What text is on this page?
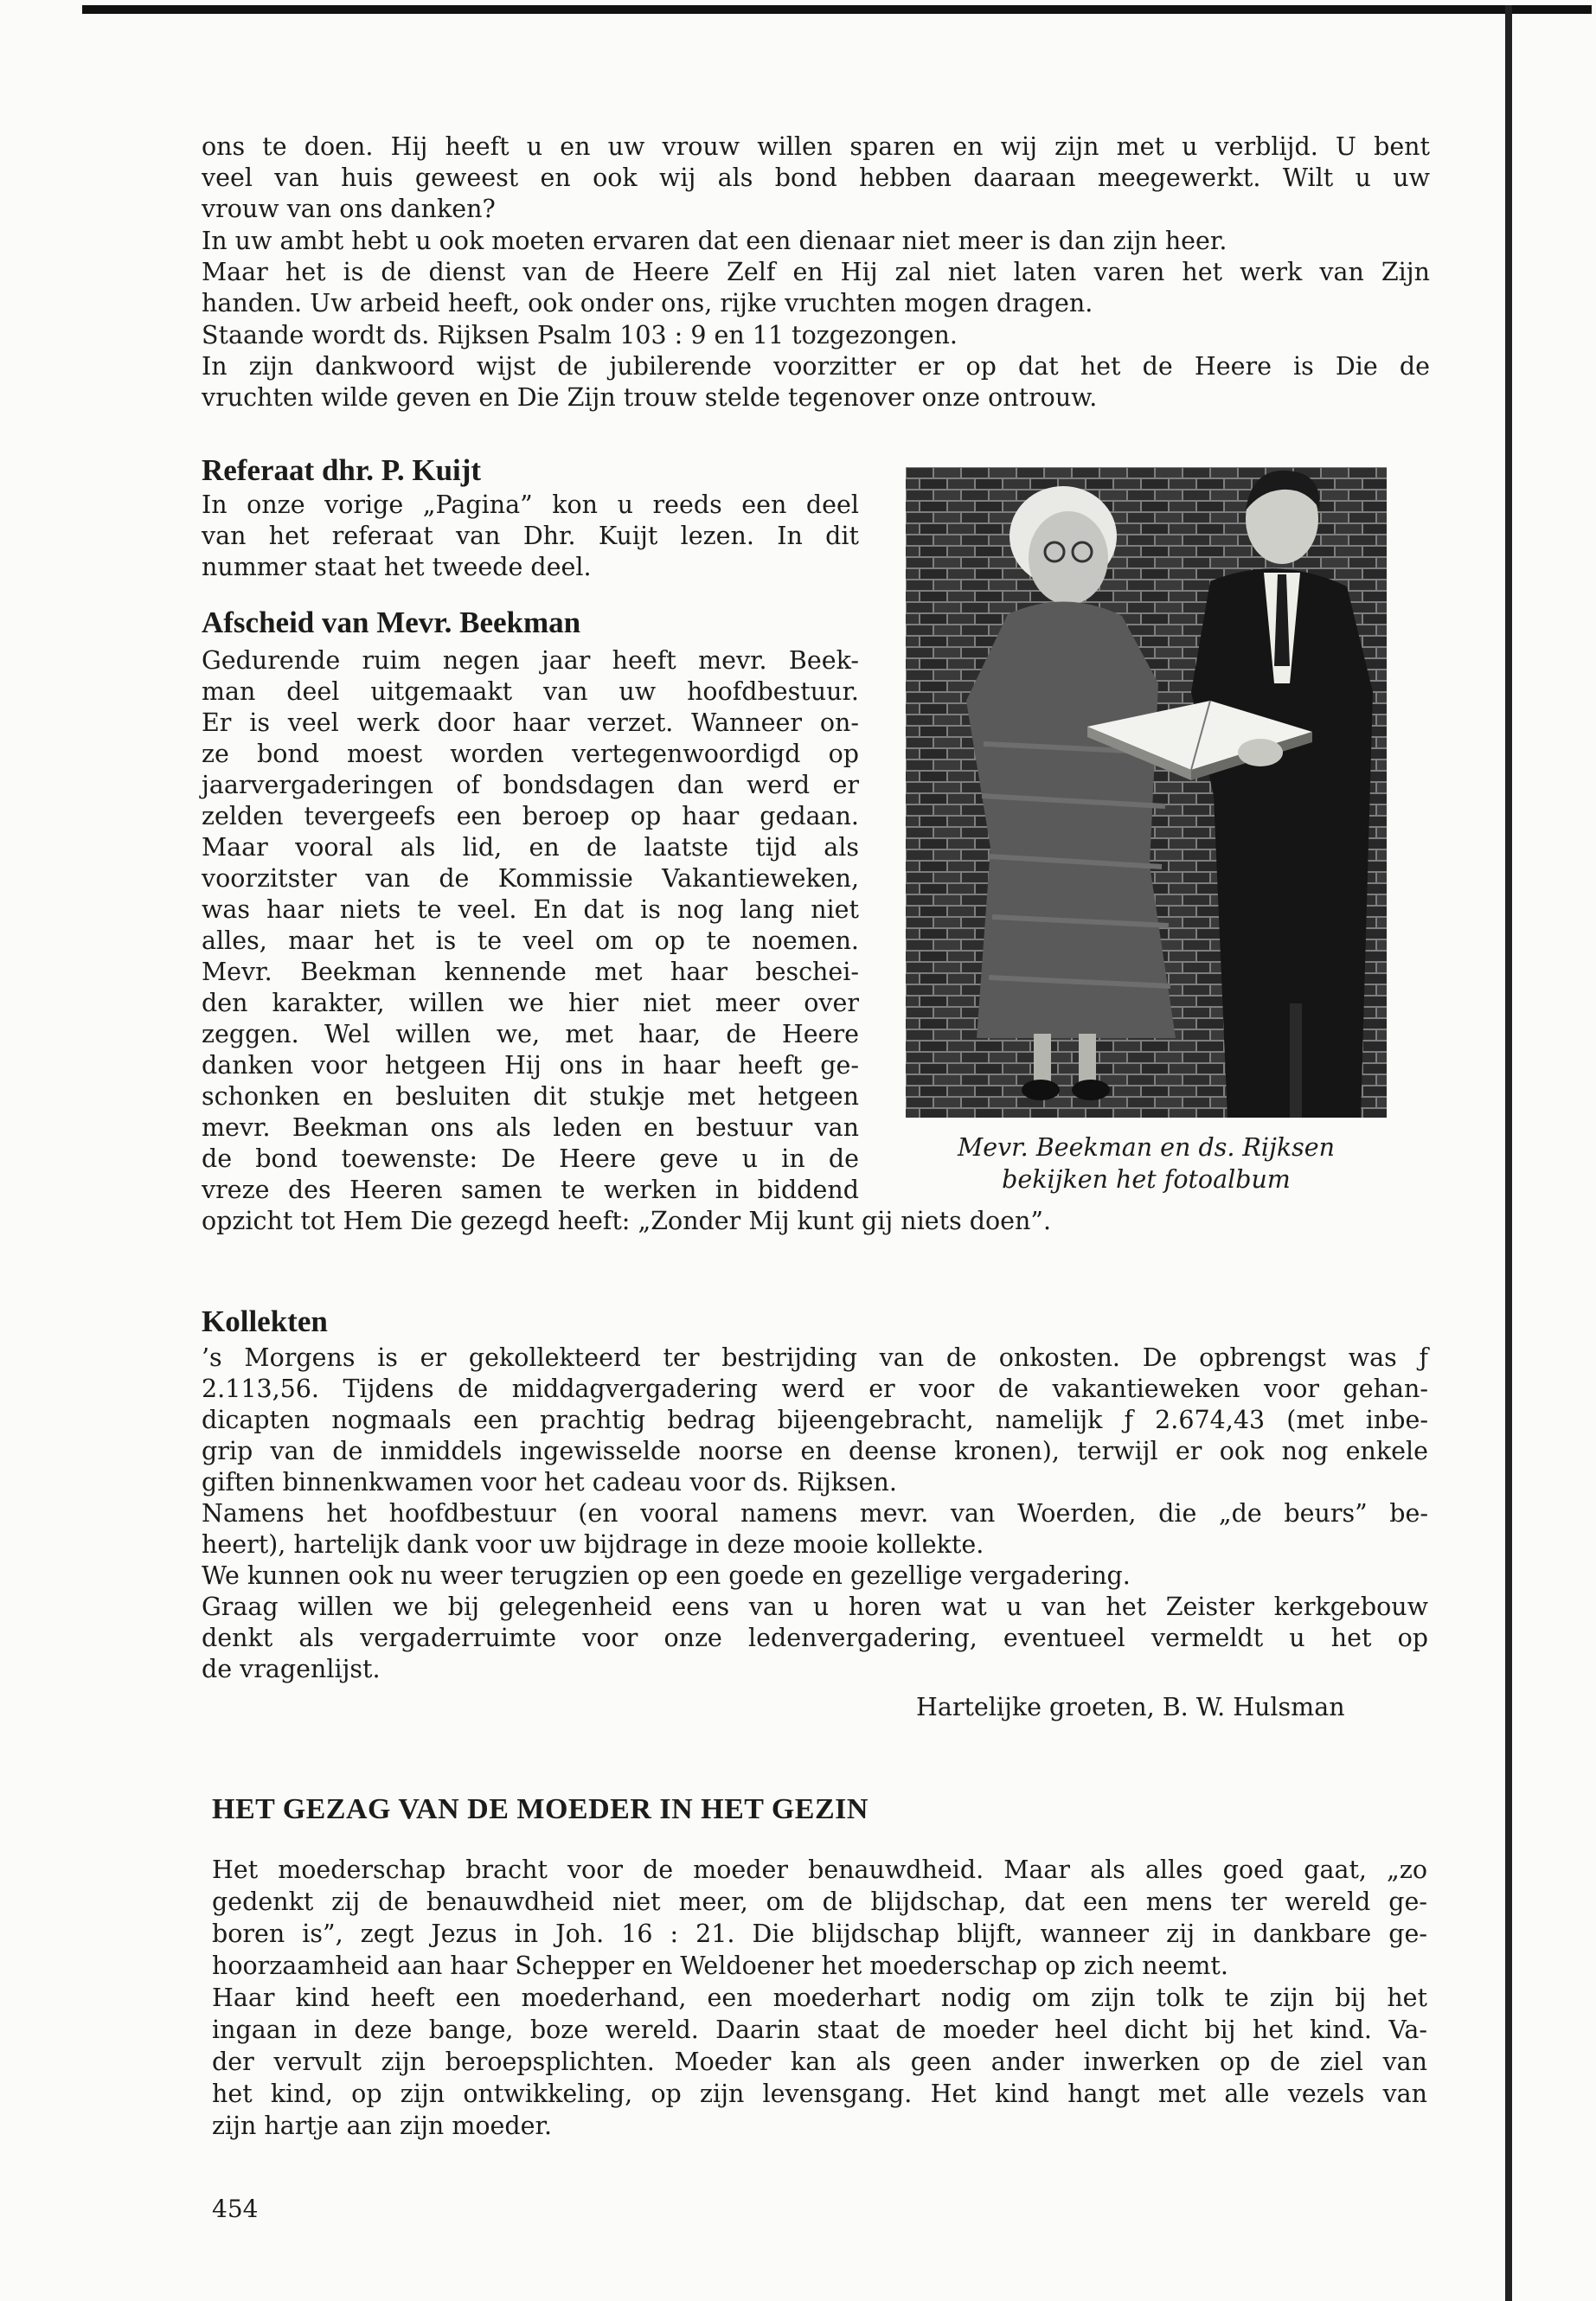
ons te doen. Hij heeft u en uw vrouw willen sparen en wij zijn met u verblijd. U bent

veel van huis geweest en ook wij als bond hebben daaraan meegewerkt. Wilt u uw

vrouw van ons danken?

In uw ambt hebt u ook moeten ervaren dat een dienaar niet meer is dan zijn heer.

Maar het is de dienst van de Heere Zelf en Hij zal niet laten varen het werk van Zijn

handen. Uw arbeid heeft, ook onder ons, rijke vruchten mogen dragen.

Staande wordt ds. Rijksen Psalm 103 : 9 en 11 tozgezongen.

In zijn dankwoord wijst de jubilerende voorzitter er op dat het de Heere is Die de

vruchten wilde geven en Die Zijn trouw stelde tegenover onze ontrouw.

Referaat dhr. P. Kuijt

In onze vorige „Pagina” kon u reeds een deel

van het referaat van Dhr. Kuijt lezen. In dit

nummer staat het tweede deel.

Afscheid van Mevr. Beekman

Gedurende ruim negen jaar heeft mevr. Beek-

man deel uitgemaakt van uw hoofdbestuur.

Er is veel werk door haar verzet. Wanneer on-

ze bond moest worden vertegenwoordigd op

jaarvergaderingen of bondsdagen dan werd er

zelden tevergeefs een beroep op haar gedaan.

Maar vooral als lid, en de laatste tijd als

voorzitster van de Kommissie Vakantieweken,

was haar niets te veel. En dat is nog lang niet

alles, maar het is te veel om op te noemen.

Mevr. Beekman kennende met haar beschei-

den karakter, willen we hier niet meer over

zeggen. Wel willen we, met haar, de Heere

danken voor hetgeen Hij ons in haar heeft ge-

schonken en besluiten dit stukje met hetgeen

mevr. Beekman ons als leden en bestuur van

de bond toewenste: De Heere geve u in de

vreze des Heeren samen te werken in biddend

opzicht tot Hem Die gezegd heeft: „Zonder Mij kunt gij niets doen”.

Mevr. Beekman en ds. Rijksen

bekijken het fotoalbum

Kollekten

’s Morgens is er gekollekteerd ter bestrijding van de onkosten. De opbrengst was ƒ

2.113,56. Tijdens de middagvergadering werd er voor de vakantieweken voor gehan-

dicapten nogmaals een prachtig bedrag bijeengebracht, namelijk ƒ 2.674,43 (met inbe-

grip van de inmiddels ingewisselde noorse en deense kronen), terwijl er ook nog enkele

giften binnenkwamen voor het cadeau voor ds. Rijksen.

Namens het hoofdbestuur (en vooral namens mevr. van Woerden, die „de beurs” be-

heert), hartelijk dank voor uw bijdrage in deze mooie kollekte.

We kunnen ook nu weer terugzien op een goede en gezellige vergadering.

Graag willen we bij gelegenheid eens van u horen wat u van het Zeister kerkgebouw

denkt als vergaderruimte voor onze ledenvergadering, eventueel vermeldt u het op

de vragenlijst.

Hartelijke groeten, B. W. Hulsman

HET GEZAG VAN DE MOEDER IN HET GEZIN

Het moederschap bracht voor de moeder benauwdheid. Maar als alles goed gaat, „zo

gedenkt zij de benauwdheid niet meer, om de blijdschap, dat een mens ter wereld ge-

boren is”, zegt Jezus in Joh. 16 : 21. Die blijdschap blijft, wanneer zij in dankbare ge-

hoorzaamheid aan haar Schepper en Weldoener het moederschap op zich neemt.

Haar kind heeft een moederhand, een moederhart nodig om zijn tolk te zijn bij het

ingaan in deze bange, boze wereld. Daarin staat de moeder heel dicht bij het kind. Va-

der vervult zijn beroepsplichten. Moeder kan als geen ander inwerken op de ziel van

het kind, op zijn ontwikkeling, op zijn levensgang. Het kind hangt met alle vezels van

zijn hartje aan zijn moeder.

454
